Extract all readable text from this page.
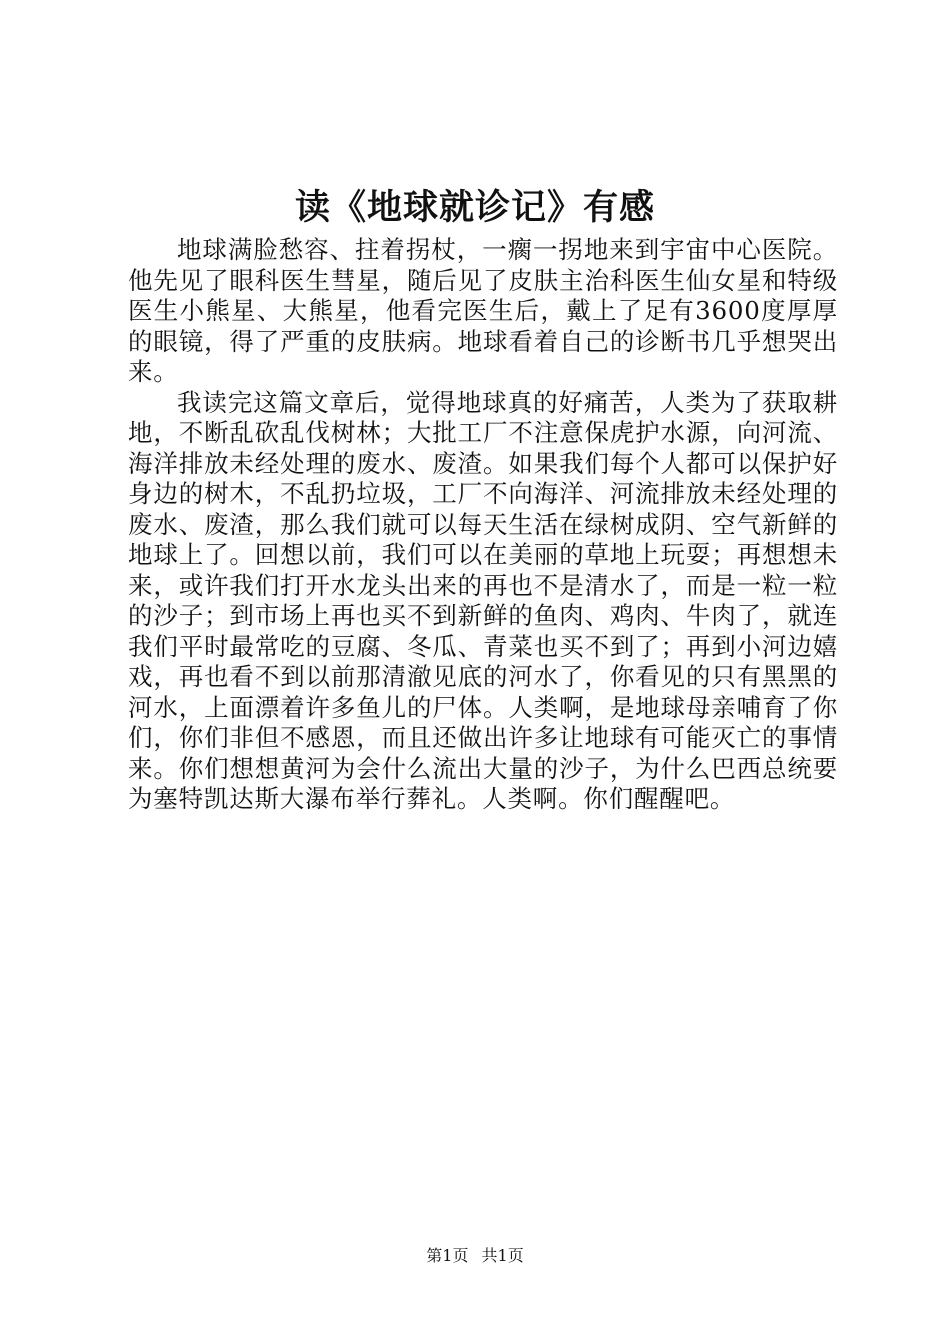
读《地球就诊记》有感

地球满脸愁容、拄着拐杖，一瘸一拐地来到宇宙中心医院。他先见了眼科医生彗星，随后见了皮肤主治科医生仙女星和特级医生小熊星、大熊星，他看完医生后，戴上了足有3600度厚厚的眼镜，得了严重的皮肤病。地球看着自己的诊断书几乎想哭出来。

我读完这篇文章后，觉得地球真的好痛苦，人类为了获取耕地，不断乱砍乱伐树林；大批工厂不注意保虎护水源，向河流、海洋排放未经处理的废水、废渣。如果我们每个人都可以保护好身边的树木，不乱扔垃圾，工厂不向海洋、河流排放未经处理的废水、废渣，那么我们就可以每天生活在绿树成阴、空气新鲜的地球上了。回想以前，我们可以在美丽的草地上玩耍；再想想未来，或许我们打开水龙头出来的再也不是清水了，而是一粒一粒的沙子；到市场上再也买不到新鲜的鱼肉、鸡肉、牛肉了，就连我们平时最常吃的豆腐、冬瓜、青菜也买不到了；再到小河边嬉戏，再也看不到以前那清澈见底的河水了，你看见的只有黑黑的河水，上面漂着许多鱼儿的尸体。人类啊，是地球母亲哺育了你们，你们非但不感恩，而且还做出许多让地球有可能灭亡的事情来。你们想想黄河为会什么流出大量的沙子，为什么巴西总统要为塞特凯达斯大瀑布举行葬礼。人类啊。你们醒醒吧。

第1页 共1页
